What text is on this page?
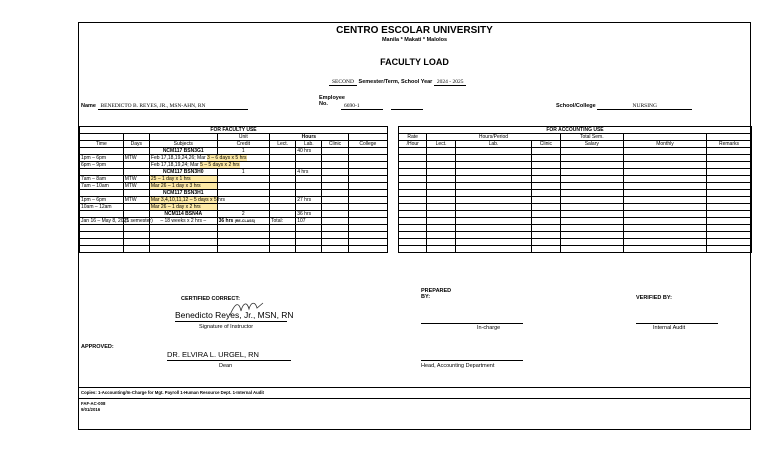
CENTRO ESCOLAR UNIVERSITY
Manila * Makati * Malolos
FACULTY LOAD
SECOND Semester/Term, School Year 2024 - 2025
Name BENEDICTO B. REYES, JR., MSN-AHN, RN
Employee
No.	6690-1	School/College	NURSING
FOR FACULTY USE									FOR ACCOUNTING USE						
			Unit	Hours					Rate	Hours/Period			Total Sem.		
Time	Days	Subjects	Credit	Lect.	Lab.	Clinic	College		/Hour	Lect.	Lab.	Clinic	Salary	Monthly	Remarks
		NCM117 BSN3G1	1		40 hrs										
1pm – 6pm	MTW	Feb 17,18,19,24,26; Mar 3 – 6 days x 5 hrs													
6pm – 9pm		Feb 17,18,19,24; Mar 5 – 5 days x 2 hrs													
		NCM117 BSN3H0	1		4 hrs										
7am – 8am	MTW	25 – 1 day x 1 hrs													
7am – 10am	MTW	Mar 26 – 1 day x 3 hrs													
		NCM117 BSN3H1													
1pm – 6pm	MTW	Mar 3,4,10,11,12 – 5 days x 5 hrs			27 hrs										
10am – 12am		Mar 26 – 1 day x 2 hrs													
		NCM114 BSN4A	2		36 hrs										
Jan 16 – May 8, 2025	(1 semester)	– 18 weeks x 2 hrs –	36 hrs (RE-CLASS)	Total:	107										

CERTIFIED CORRECT:
Benedicto Reyes, Jr., MSN, RN
Signature of Instructor
APPROVED:
DR. ELVIRA L. URGEL, RN
Dean
PREPARED
BY:
In-charge
Head, Accounting Department
VERIFIED BY:
Internal Audit
Copies: 1-Accounting/In-Charge for Mgt. Payroll 1-Human Resource Dept. 1-Internal Audit
FAF-AC-008
9/01/2016
